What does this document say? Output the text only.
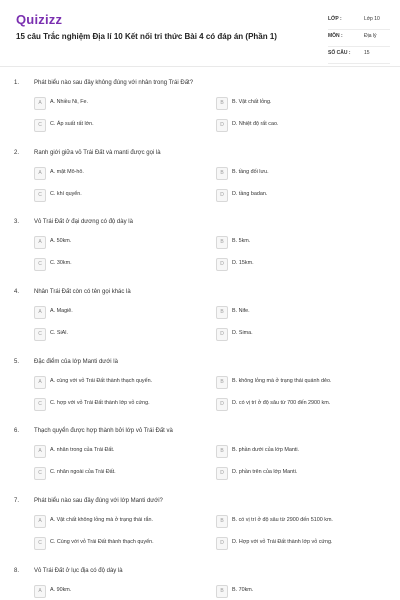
Quizizz
15 câu Trắc nghiệm Địa lí 10 Kết nối tri thức Bài 4 có đáp án (Phần 1)
LỚP :	Lớp 10
MÔN :	Địa lý
SỐ CÂU :	15
1. Phát biểu nào sau đây không đúng với nhân trong Trái Đất?
A	A. Nhiều Ni, Fe.	B	B. Vật chất lỏng.
C	C. Áp suất rất lớn.	D	D. Nhiệt độ rất cao.
2. Ranh giới giữa vỏ Trái Đất và manti được gọi là
A	A. mặt Mô-hô.	B	B. tầng đối lưu.
C	C. khí quyển.	D	D. tầng badan.
3. Vỏ Trái Đất ở đại dương có độ dày là
A	A. 50km.	B	B. 5km.
C	C. 30km.	D	D. 15km.
4. Nhân Trái Đất còn có tên gọi khác là
A	A. Magiê.	B	B. Nife.
C	C. SiAl.	D	D. Sima.
5. Đặc điểm của lớp Manti dưới là
A	A. cùng với vỏ Trái Đất thành thạch quyển.	B	B. không lỏng mà ở trạng thái quánh dẻo.
C	C. hợp với vỏ Trái Đất thành lớp vỏ cứng.	D	D. có vị trí ở độ sâu từ 700 đến 2900 km.
6. Thạch quyển được hợp thành bởi lớp vỏ Trái Đất và
A	A. nhân trong của Trái Đất.	B	B. phần dưới của lớp Manti.
C	C. nhân ngoài của Trái Đất.	D	D. phần trên của lớp Manti.
7. Phát biểu nào sau đây đúng với lớp Manti dưới?
A	A. Vật chất không lỏng mà ở trạng thái rắn.	B	B. có vị trí ở độ sâu từ 2900 đến 5100 km.
C	C. Cùng với vỏ Trái Đất thành thạch quyển.	D	D. Hợp với vỏ Trái Đất thành lớp vỏ cứng.
8. Vỏ Trái Đất ở lục địa có độ dày là
A	A. 90km.	B	B. 70km.
